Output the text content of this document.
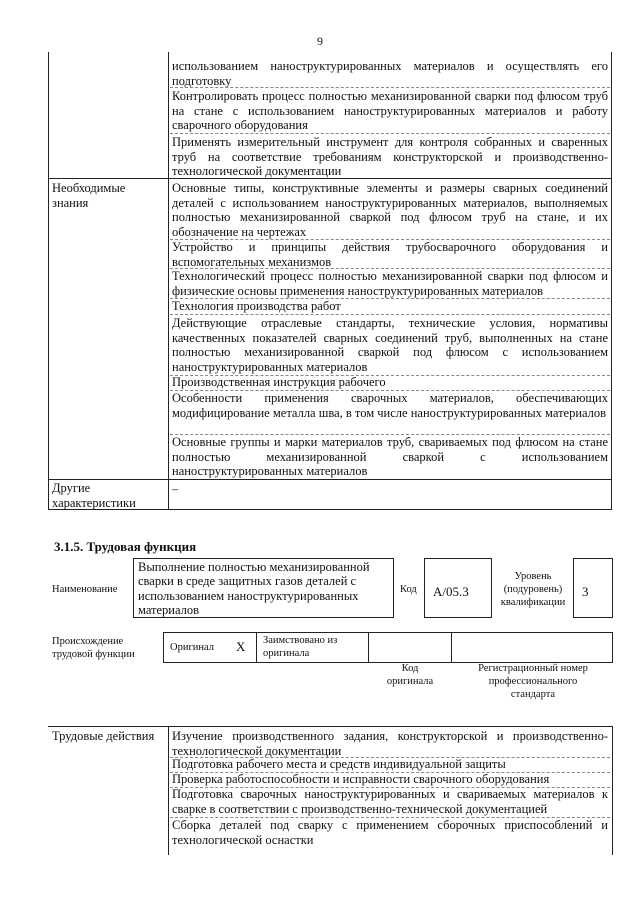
9
использованием наноструктурированных материалов и осуществлять его подготовку
Контролировать процесс полностью механизированной сварки под флюсом труб на стане с использованием наноструктурированных материалов и работу сварочного оборудования
Применять измерительный инструмент для контроля собранных и сваренных труб на соответствие требованиям конструкторской и производственно-технологической документации
Необходимые знания
Основные типы, конструктивные элементы и размеры сварных соединений деталей с использованием наноструктурированных материалов, выполняемых полностью механизированной сваркой под флюсом труб на стане, и их обозначение на чертежах
Устройство и принципы действия трубосварочного оборудования и вспомогательных механизмов
Технологический процесс полностью механизированной сварки под флюсом и физические основы применения наноструктурированных материалов
Технология производства работ
Действующие отраслевые стандарты, технические условия, нормативы качественных показателей сварных соединений труб, выполненных на стане полностью механизированной сваркой под флюсом с использованием наноструктурированных материалов
Производственная инструкция рабочего
Особенности применения сварочных материалов, обеспечивающих модифицирование металла шва, в том числе наноструктурированных материалов
Основные группы и марки материалов труб, свариваемых под флюсом на стане полностью механизированной сваркой с использованием наноструктурированных материалов
Другие характеристики
–
3.1.5. Трудовая функция
Наименование
Выполнение полностью механизированной сварки в среде защитных газов деталей с использованием наноструктурированных материалов
Код	А/05.3
Уровень (подуровень) квалификации
3
Происхождение трудовой функции
Оригинал X Заимствовано из оригинала
Код оригинала
Регистрационный номер профессионального стандарта
Трудовые действия Изучение производственного задания, конструкторской и производственно-технологической документации
Подготовка рабочего места и средств индивидуальной защиты
Проверка работоспособности и исправности сварочного оборудования
Подготовка сварочных наноструктурированных и свариваемых материалов к сварке в соответствии с производственно-технической документацией
Сборка деталей под сварку с применением сборочных приспособлений и технологической оснастки
